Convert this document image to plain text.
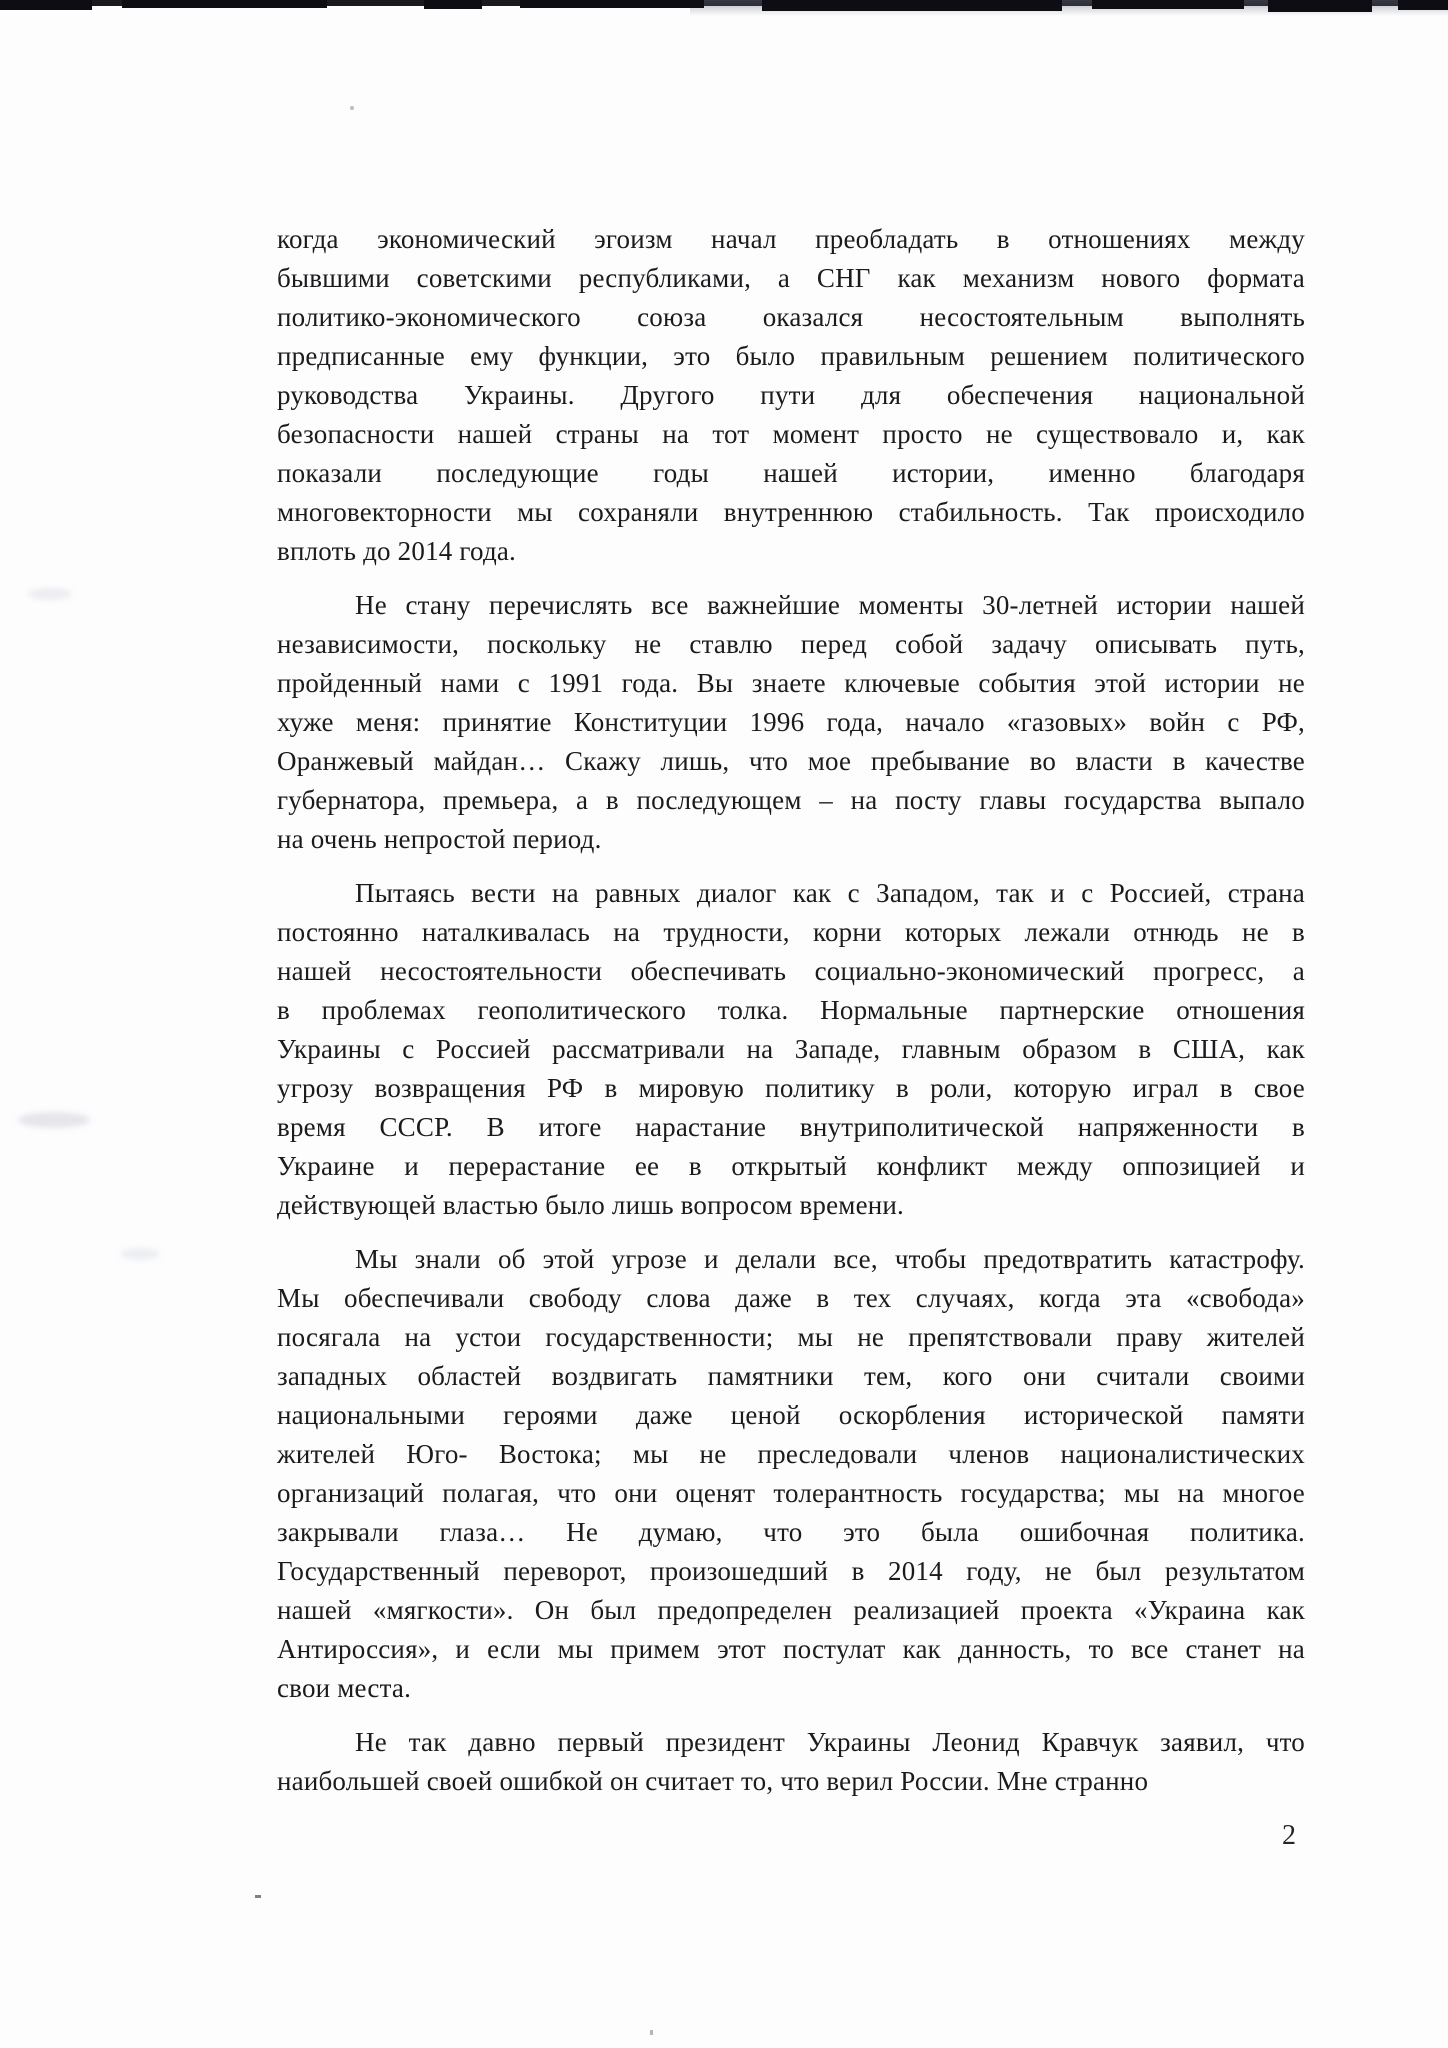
когда экономический эгоизм начал преобладать в отношениях между
бывшими советскими республиками, а СНГ как механизм нового формата
политико-экономического союза оказался несостоятельным выполнять
предписанные ему функции, это было правильным решением политического
руководства Украины. Другого пути для обеспечения национальной
безопасности нашей страны на тот момент просто не существовало и, как
показали последующие годы нашей истории, именно благодаря
многовекторности мы сохраняли внутреннюю стабильность. Так происходило
вплоть до 2014 года.
Не стану перечислять все важнейшие моменты 30-летней истории нашей
независимости, поскольку не ставлю перед собой задачу описывать путь,
пройденный нами с 1991 года. Вы знаете ключевые события этой истории не
хуже меня: принятие Конституции 1996 года, начало «газовых» войн с РФ,
Оранжевый майдан… Скажу лишь, что мое пребывание во власти в качестве
губернатора, премьера, а в последующем – на посту главы государства выпало
на очень непростой период.
Пытаясь вести на равных диалог как с Западом, так и с Россией, страна
постоянно наталкивалась на трудности, корни которых лежали отнюдь не в
нашей несостоятельности обеспечивать социально-экономический прогресс, а
в проблемах геополитического толка. Нормальные партнерские отношения
Украины с Россией рассматривали на Западе, главным образом в США, как
угрозу возвращения РФ в мировую политику в роли, которую играл в свое
время СССР. В итоге нарастание внутриполитической напряженности в
Украине и перерастание ее в открытый конфликт между оппозицией и
действующей властью было лишь вопросом времени.
Мы знали об этой угрозе и делали все, чтобы предотвратить катастрофу.
Мы обеспечивали свободу слова даже в тех случаях, когда эта «свобода»
посягала на устои государственности; мы не препятствовали праву жителей
западных областей воздвигать памятники тем, кого они считали своими
национальными героями даже ценой оскорбления исторической памяти
жителей Юго- Востока; мы не преследовали членов националистических
организаций полагая, что они оценят толерантность государства; мы на многое
закрывали глаза… Не думаю, что это была ошибочная политика.
Государственный переворот, произошедший в 2014 году, не был результатом
нашей «мягкости». Он был предопределен реализацией проекта «Украина как
Антироссия», и если мы примем этот постулат как данность, то все станет на
свои места.
Не так давно первый президент Украины Леонид Кравчук заявил, что
наибольшей своей ошибкой он считает то, что верил России. Мне странно
2
